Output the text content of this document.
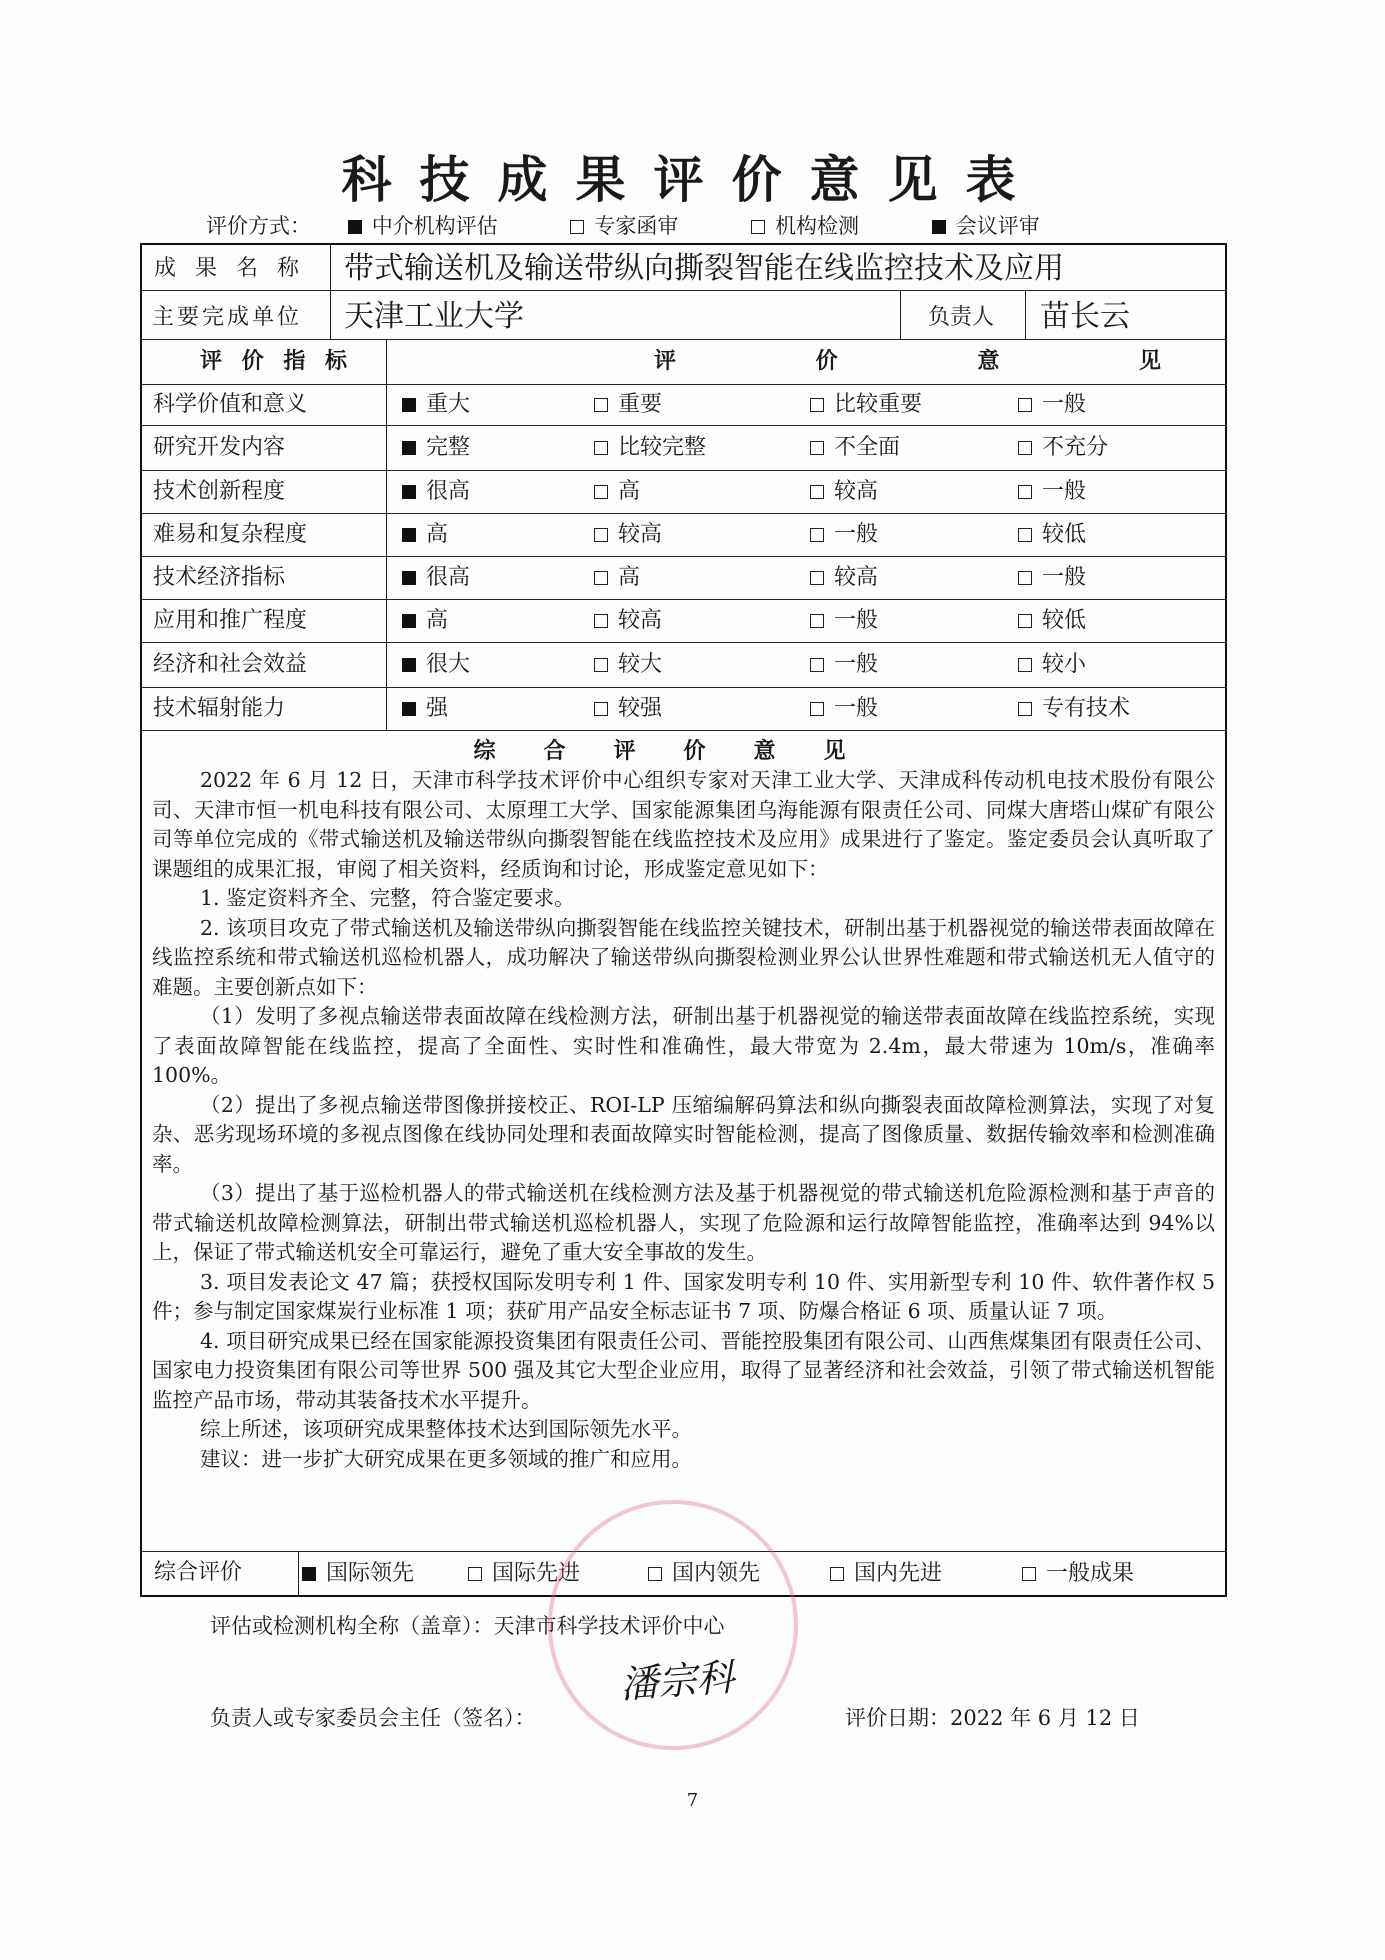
科技成果评价意见表
评价方式：	中介机构评估	专家函审	机构检测	会议评审
成 果 名 称 带式输送机及输送带纵向撕裂智能在线监控技术及应用
主要完成单位 天津工业大学	负责人 苗长云
评 价 指 标	评 价 意 见
科学价值和意义	重大	重要	比较重要	一般
研究开发内容	完整	比较完整	不全面	不充分
技术创新程度	很高	高	较高	一般
难易和复杂程度	高	较高	一般	较低
技术经济指标	很高	高	较高	一般
应用和推广程度	高	较高	一般	较低
经济和社会效益	很大	较大	一般	较小
技术辐射能力	强	较强	一般	专有技术
综合评价意见

2022 年 6 月 12 日，天津市科学技术评价中心组织专家对天津工业大学、天津成科传动机电技术股份有限公司、天津市恒一机电科技有限公司、太原理工大学、国家能源集团乌海能源有限责任公司、同煤大唐塔山煤矿有限公司等单位完成的《带式输送机及输送带纵向撕裂智能在线监控技术及应用》成果进行了鉴定。鉴定委员会认真听取了课题组的成果汇报，审阅了相关资料，经质询和讨论，形成鉴定意见如下：

1. 鉴定资料齐全、完整，符合鉴定要求。

2. 该项目攻克了带式输送机及输送带纵向撕裂智能在线监控关键技术，研制出基于机器视觉的输送带表面故障在线监控系统和带式输送机巡检机器人，成功解决了输送带纵向撕裂检测业界公认世界性难题和带式输送机无人值守的难题。主要创新点如下：

（1）发明了多视点输送带表面故障在线检测方法，研制出基于机器视觉的输送带表面故障在线监控系统，实现了表面故障智能在线监控，提高了全面性、实时性和准确性，最大带宽为 2.4m，最大带速为 10m/s，准确率 100%。

（2）提出了多视点输送带图像拼接校正、ROI-LP 压缩编解码算法和纵向撕裂表面故障检测算法，实现了对复杂、恶劣现场环境的多视点图像在线协同处理和表面故障实时智能检测，提高了图像质量、数据传输效率和检测准确率。

（3）提出了基于巡检机器人的带式输送机在线检测方法及基于机器视觉的带式输送机危险源检测和基于声音的带式输送机故障检测算法，研制出带式输送机巡检机器人，实现了危险源和运行故障智能监控，准确率达到 94%以上，保证了带式输送机安全可靠运行，避免了重大安全事故的发生。

3. 项目发表论文 47 篇；获授权国际发明专利 1 件、国家发明专利 10 件、实用新型专利 10 件、软件著作权 5 件；参与制定国家煤炭行业标准 1 项；获矿用产品安全标志证书 7 项、防爆合格证 6 项、质量认证 7 项。

4. 项目研究成果已经在国家能源投资集团有限责任公司、晋能控股集团有限公司、山西焦煤集团有限责任公司、国家电力投资集团有限公司等世界 500 强及其它大型企业应用，取得了显著经济和社会效益，引领了带式输送机智能监控产品市场，带动其装备技术水平提升。

综上所述，该项研究成果整体技术达到国际领先水平。

建议：进一步扩大研究成果在更多领域的推广和应用。

综合评价	国际领先	国际先进	国内领先	国内先进	一般成果
评估或检测机构全称（盖章）：天津市科学技术评价中心
潘宗科
负责人或专家委员会主任（签名）：	评价日期：2022 年 6 月 12 日
7
